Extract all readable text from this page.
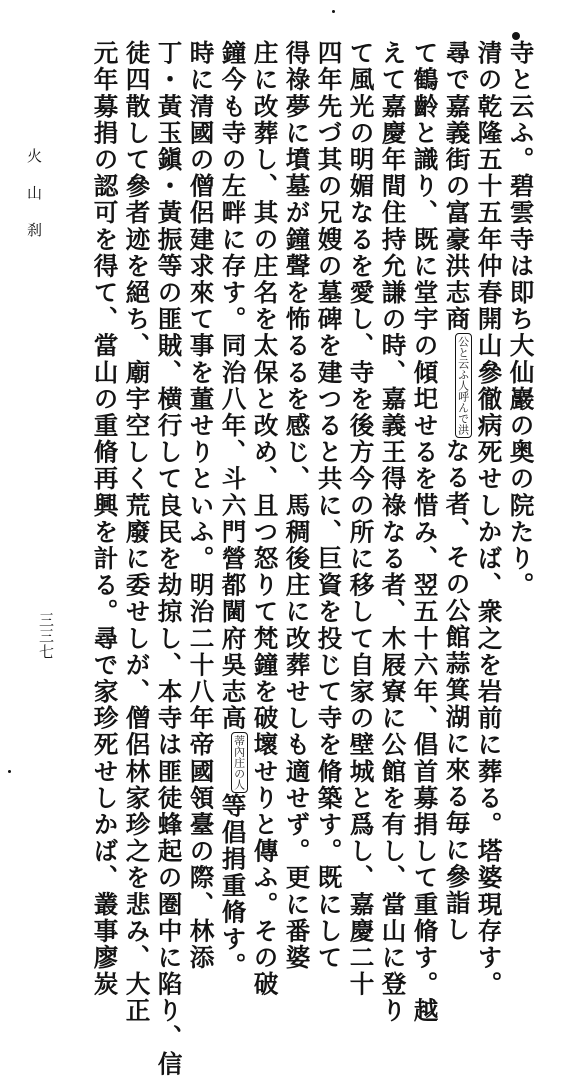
寺と云ふ。碧雲寺は即ち大仙巖の奥の院たり。
清の乾隆五十五年仲春開山參徹病死せしかば、衆之を岩前に葬る。塔婆現存す。
尋で嘉義街の富豪洪志商
人呼んで洪
公と云ふ
なる者、その公館蒜箕湖に來る毎に參詣し
て鶴齡と識り、既に堂宇の傾圯せるを惜み、翌五十六年、倡首募捐して重脩す。越
えて嘉慶年間住持允謙の時、嘉義王得祿なる者、木屐寮に公館を有し、當山に登り
て風光の明媚なるを愛し、寺を後方今の所に移して自家の壁城と爲し、嘉慶二十
四年先づ其の兄嫂の墓碑を建つると共に、巨資を投じて寺を脩築す。既にして
得祿夢に墳墓が鐘聲を怖るるを感じ、馬稠後庄に改葬せしも適せず。更に番婆
庄に改葬し、其の庄名を太保と改め、且つ怒りて梵鐘を破壞せりと傳ふ。その破
鐘今も寺の左畔に存す。同治八年、斗六門營都閫府吳志高
庄の人
蒂內
等倡捐重脩す。
時に清國の僧侶建求來て事を董せりといふ。明治二十八年帝國領臺の際、林添
丁・黃玉鎭・黃振等の匪賊、横行して良民を劫掠し、本寺は匪徒蜂起の圏中に陷り、信
徒四散して參者迹を絕ち、廟宇空しく荒廢に委せしが、僧侶林家珍之を悲み、大正
元年募捐の認可を得て、當山の重脩再興を計る。尋で家珍死せしかば、叢事廖炭
火山刹
三三七
